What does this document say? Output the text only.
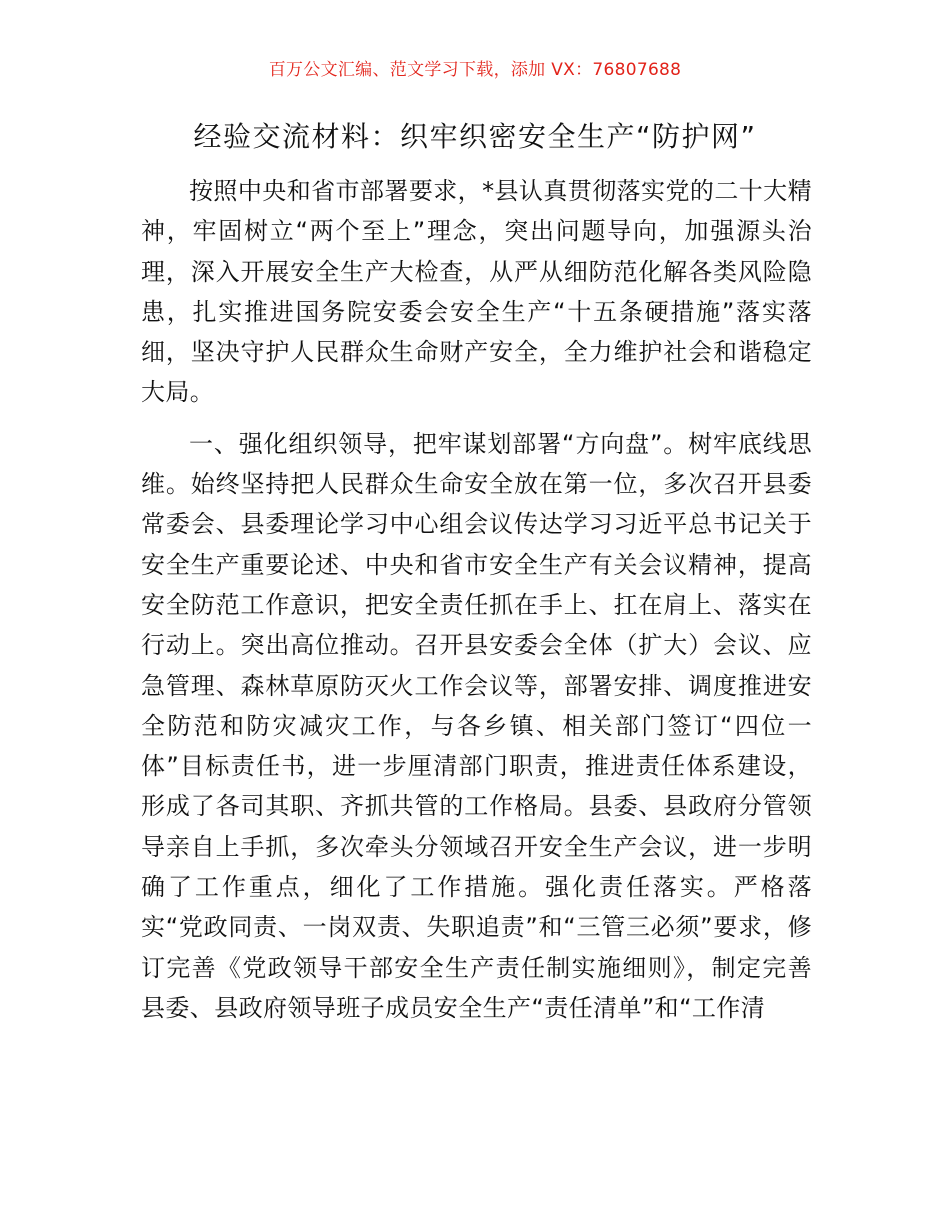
百万公文汇编、范文学习下载，添加 VX：76807688
经验交流材料：织牢织密安全生产“防护网”

按照中央和省市部署要求，*县认真贯彻落实党的二十大精神，牢固树立“两个至上”理念，突出问题导向，加强源头治理，深入开展安全生产大检查，从严从细防范化解各类风险隐患，扎实推进国务院安委会安全生产“十五条硬措施”落实落细，坚决守护人民群众生命财产安全，全力维护社会和谐稳定大局。

一、强化组织领导，把牢谋划部署“方向盘”。树牢底线思维。始终坚持把人民群众生命安全放在第一位，多次召开县委常委会、县委理论学习中心组会议传达学习习近平总书记关于安全生产重要论述、中央和省市安全生产有关会议精神，提高安全防范工作意识，把安全责任抓在手上、扛在肩上、落实在行动上。突出高位推动。召开县安委会全体（扩大）会议、应急管理、森林草原防灭火工作会议等，部署安排、调度推进安全防范和防灾减灾工作，与各乡镇、相关部门签订“四位一体”目标责任书，进一步厘清部门职责，推进责任体系建设，形成了各司其职、齐抓共管的工作格局。县委、县政府分管领导亲自上手抓，多次牵头分领域召开安全生产会议，进一步明确了工作重点，细化了工作措施。强化责任落实。严格落实“党政同责、一岗双责、失职追责”和“三管三必须”要求，修订完善《党政领导干部安全生产责任制实施细则》，制定完善县委、县政府领导班子成员安全生产“责任清单”和“工作清
